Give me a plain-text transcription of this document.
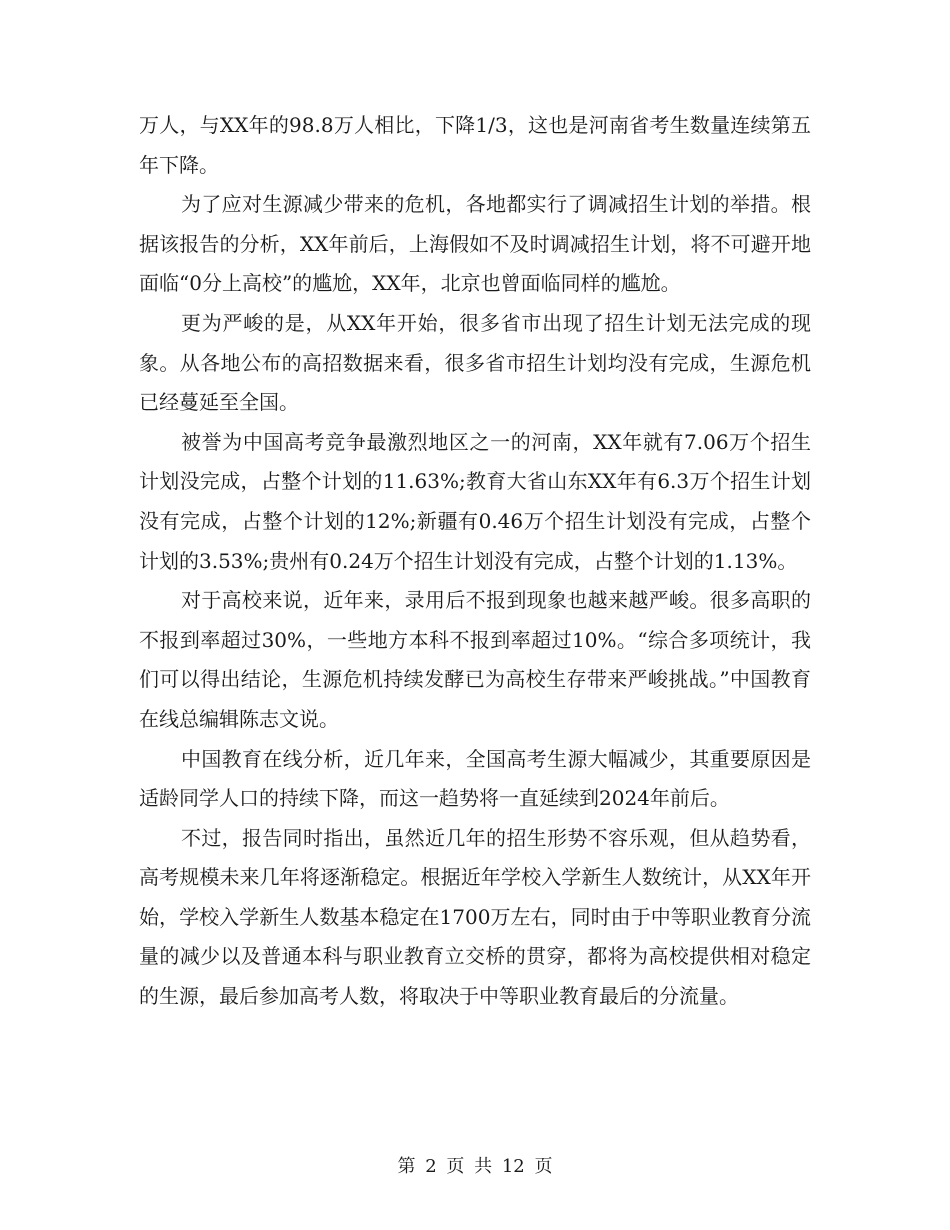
万人，与XX年的98.8万人相比，下降1/3，这也是河南省考生数量连续第五年下降。

为了应对生源减少带来的危机，各地都实行了调减招生计划的举措。根据该报告的分析，XX年前后，上海假如不及时调减招生计划，将不可避开地面临“0分上高校”的尴尬，XX年，北京也曾面临同样的尴尬。

更为严峻的是，从XX年开始，很多省市出现了招生计划无法完成的现象。从各地公布的高招数据来看，很多省市招生计划均没有完成，生源危机已经蔓延至全国。

被誉为中国高考竞争最激烈地区之一的河南，XX年就有7.06万个招生计划没完成，占整个计划的11.63%;教育大省山东XX年有6.3万个招生计划没有完成，占整个计划的12%;新疆有0.46万个招生计划没有完成，占整个计划的3.53%;贵州有0.24万个招生计划没有完成，占整个计划的1.13%。

对于高校来说，近年来，录用后不报到现象也越来越严峻。很多高职的不报到率超过30%，一些地方本科不报到率超过10%。“综合多项统计，我们可以得出结论，生源危机持续发酵已为高校生存带来严峻挑战。”中国教育在线总编辑陈志文说。

中国教育在线分析，近几年来，全国高考生源大幅减少，其重要原因是适龄同学人口的持续下降，而这一趋势将一直延续到2024年前后。

不过，报告同时指出，虽然近几年的招生形势不容乐观，但从趋势看，高考规模未来几年将逐渐稳定。根据近年学校入学新生人数统计，从XX年开始，学校入学新生人数基本稳定在1700万左右，同时由于中等职业教育分流量的减少以及普通本科与职业教育立交桥的贯穿，都将为高校提供相对稳定的生源，最后参加高考人数，将取决于中等职业教育最后的分流量。

第 2 页 共 12 页
